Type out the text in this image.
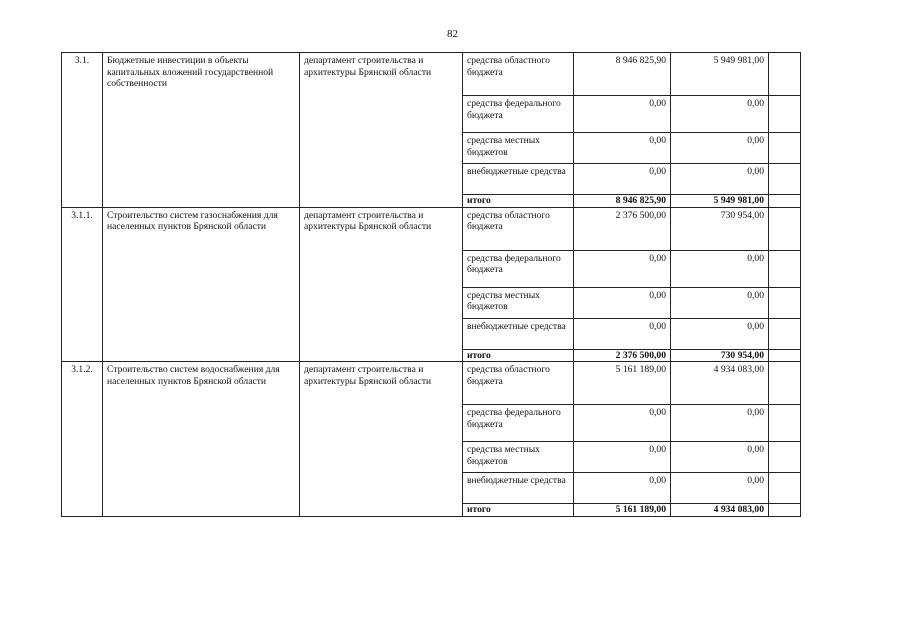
82
3.1.	Бюджетные инвестиции в объекты капитальных вложений государственной собственности	департамент строительства и архитектуры Брянской области	средства областного бюджета	8 946 825,90	5 949 981,00	
			средства федерального бюджета	0,00	0,00	
			средства местных бюджетов	0,00	0,00	
			внебюджетные средства	0,00	0,00	
			итого	8 946 825,90	5 949 981,00	
3.1.1.	Строительство систем газоснабжения для населенных пунктов Брянской области	департамент строительства и архитектуры Брянской области	средства областного бюджета	2 376 500,00	730 954,00	
			средства федерального бюджета	0,00	0,00	
			средства местных бюджетов	0,00	0,00	
			внебюджетные средства	0,00	0,00	
			итого	2 376 500,00	730 954,00	
3.1.2.	Строительство систем водоснабжения для населенных пунктов Брянской области	департамент строительства и архитектуры Брянской области	средства областного бюджета	5 161 189,00	4 934 083,00	
			средства федерального бюджета	0,00	0,00	
			средства местных бюджетов	0,00	0,00	
			внебюджетные средства	0,00	0,00	
			итого	5 161 189,00	4 934 083,00	
